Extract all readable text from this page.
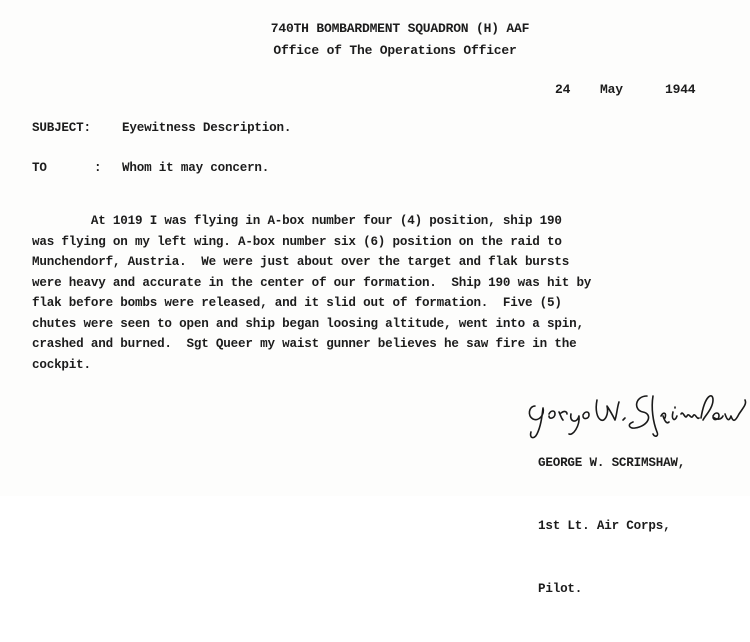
740TH BOMBARDMENT SQUADRON (H) AAF
Office of The Operations Officer
24 May	1944
SUBJECT: Eyewitness Description.
TO	: Whom it may concern.

At 1019 I was flying in A-box number four (4) position, ship 190

was flying on my left wing. A-box number six (6) position on the raid to

Munchendorf, Austria.  We were just about over the target and flak bursts

were heavy and accurate in the center of our formation.  Ship 190 was hit by

flak before bombs were released, and it slid out of formation.  Five (5)

chutes were seen to open and ship began loosing altitude, went into a spin,

crashed and burned.  Sgt Queer my waist gunner believes he saw fire in the

cockpit.

GEORGE W. SCRIMSHAW,

1st Lt. Air Corps,

Pilot.
